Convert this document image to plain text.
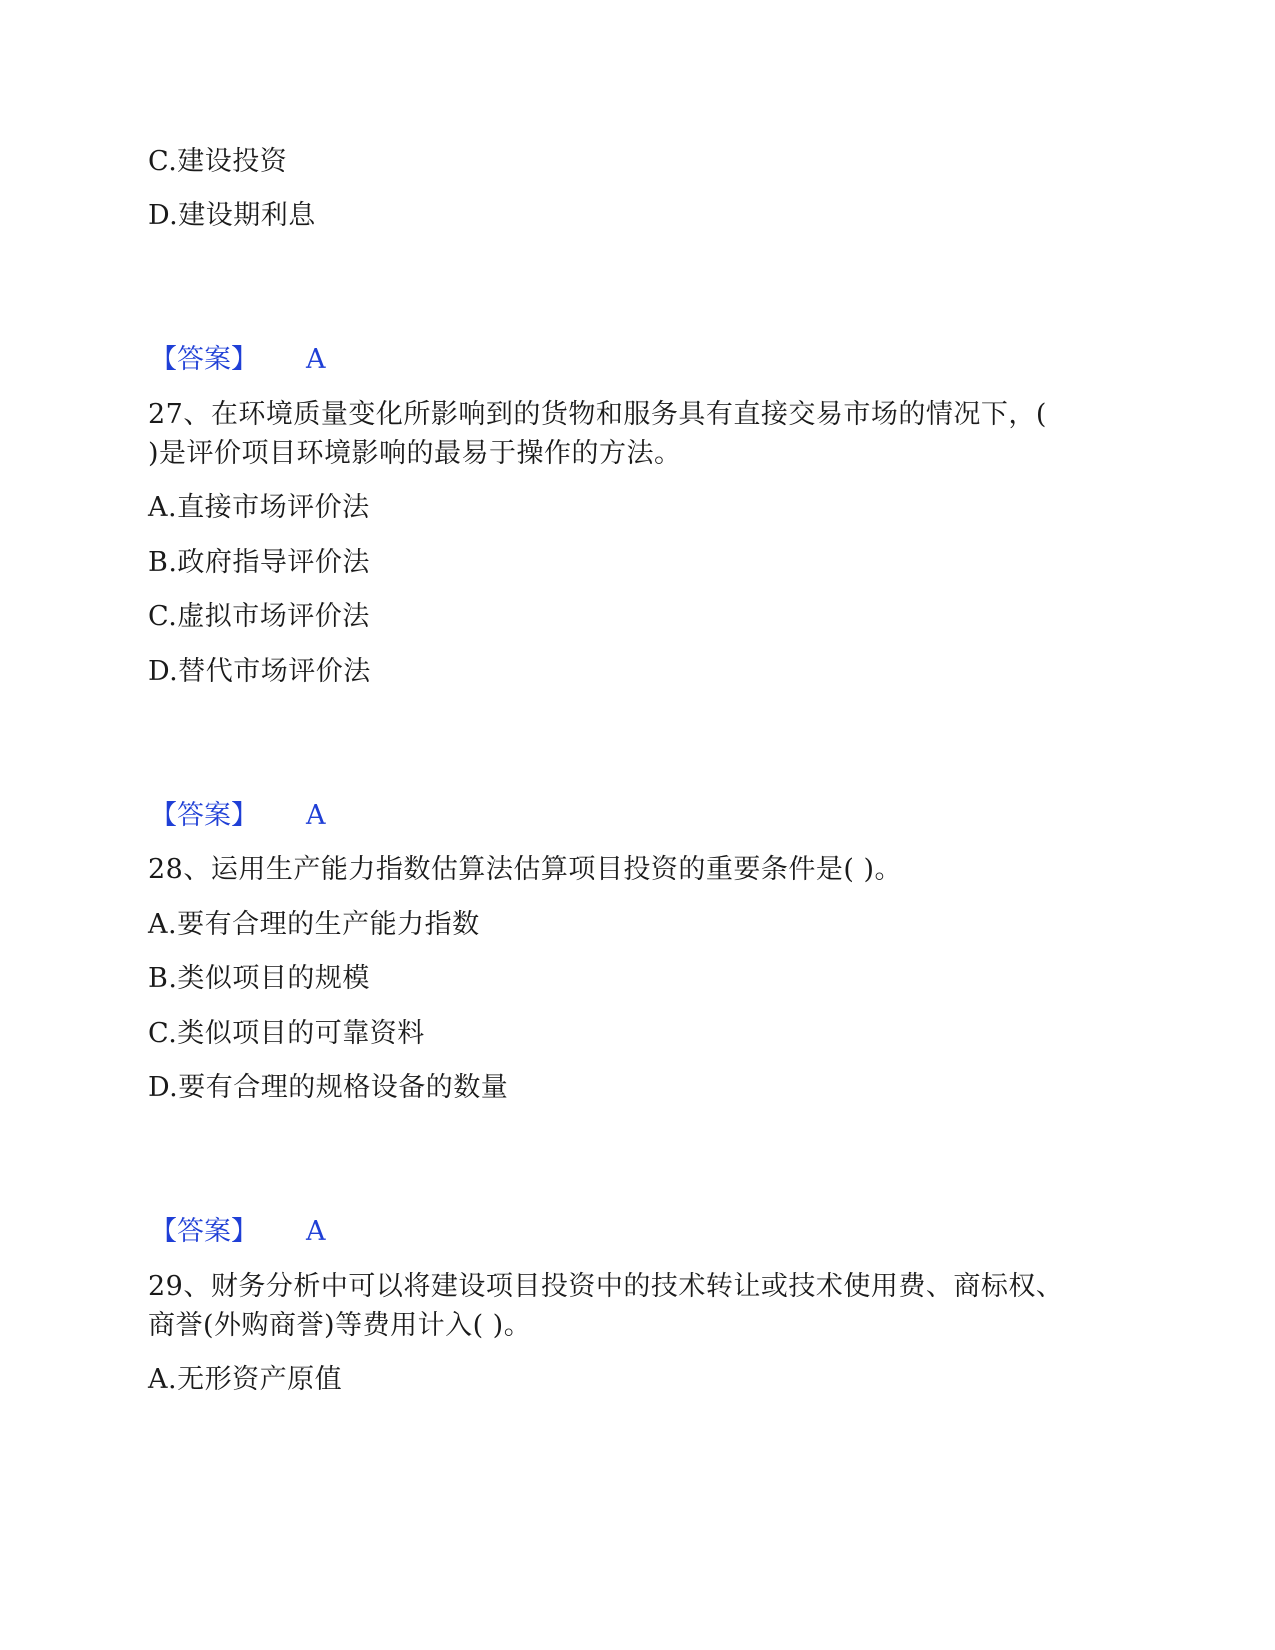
C.建设投资
D.建设期利息
【答案】 A
27、在环境质量变化所影响到的货物和服务具有直接交易市场的情况下，(
)是评价项目环境影响的最易于操作的方法。
A.直接市场评价法
B.政府指导评价法
C.虚拟市场评价法
D.替代市场评价法
【答案】 A
28、运用生产能力指数估算法估算项目投资的重要条件是( )。
A.要有合理的生产能力指数
B.类似项目的规模
C.类似项目的可靠资料
D.要有合理的规格设备的数量
【答案】 A
29、财务分析中可以将建设项目投资中的技术转让或技术使用费、商标权、
商誉(外购商誉)等费用计入( )。
A.无形资产原值
